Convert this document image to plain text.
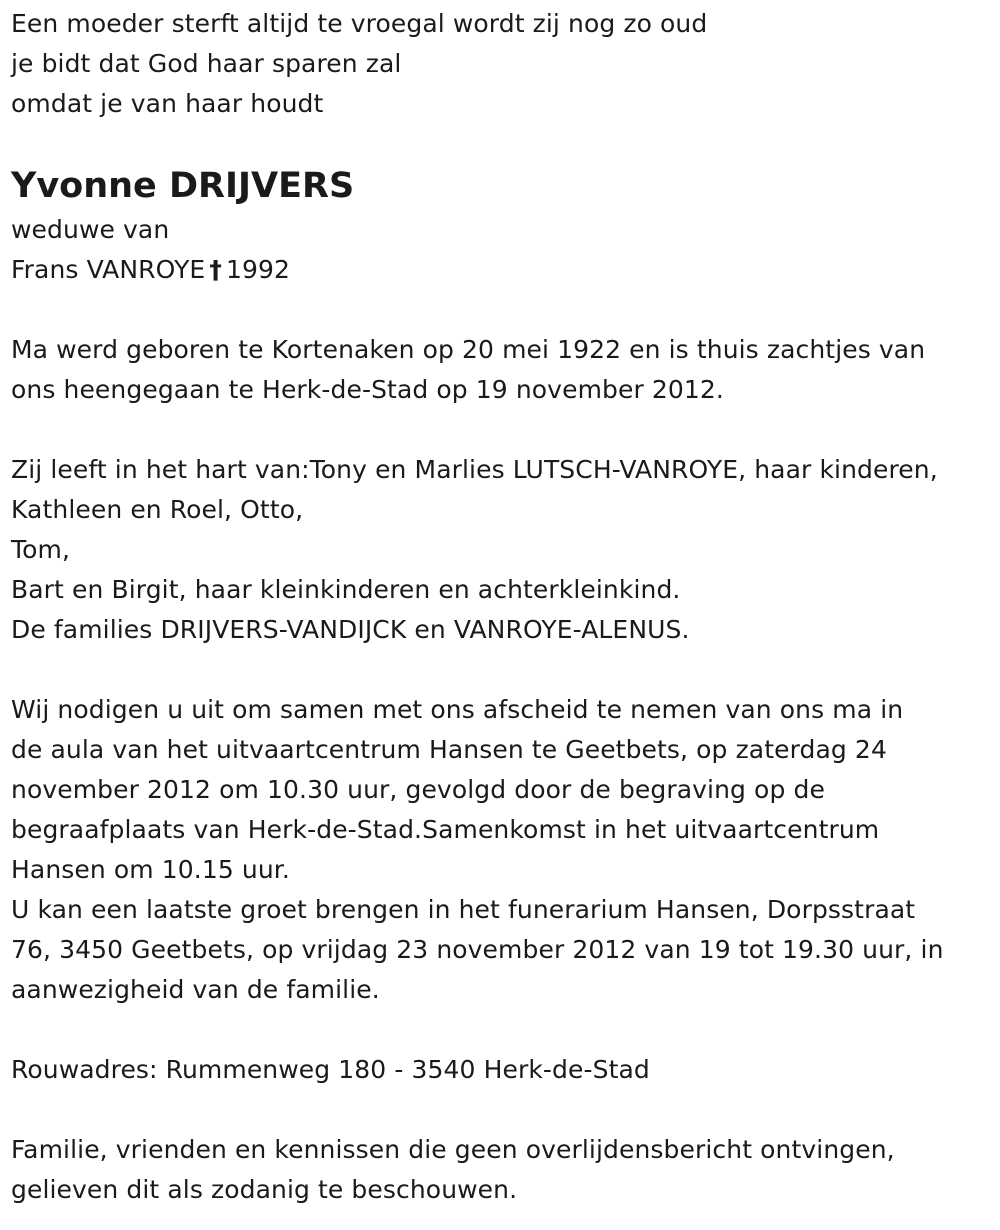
Een moeder sterft altijd te vroegal wordt zij nog zo oud
je bidt dat God haar sparen zal
omdat je van haar houdt
Yvonne DRIJVERS
weduwe van
Frans VANROYE † 1992
Ma werd geboren te Kortenaken op 20 mei 1922 en is thuis zachtjes van
ons heengegaan te Herk-de-Stad op 19 november 2012.
Zij leeft in het hart van:Tony en Marlies LUTSCH-VANROYE, haar kinderen,
Kathleen en Roel, Otto,
Tom,
Bart en Birgit, haar kleinkinderen en achterkleinkind.
De families DRIJVERS-VANDIJCK en VANROYE-ALENUS.
Wij nodigen u uit om samen met ons afscheid te nemen van ons ma in
de aula van het uitvaartcentrum Hansen te Geetbets, op zaterdag 24
november 2012 om 10.30 uur, gevolgd door de begraving op de
begraafplaats van Herk-de-Stad.Samenkomst in het uitvaartcentrum
Hansen om 10.15 uur.
U kan een laatste groet brengen in het funerarium Hansen, Dorpsstraat
76, 3450 Geetbets, op vrijdag 23 november 2012 van 19 tot 19.30 uur, in
aanwezigheid van de familie.
Rouwadres: Rummenweg 180 - 3540 Herk-de-Stad
Familie, vrienden en kennissen die geen overlijdensbericht ontvingen,
gelieven dit als zodanig te beschouwen.
